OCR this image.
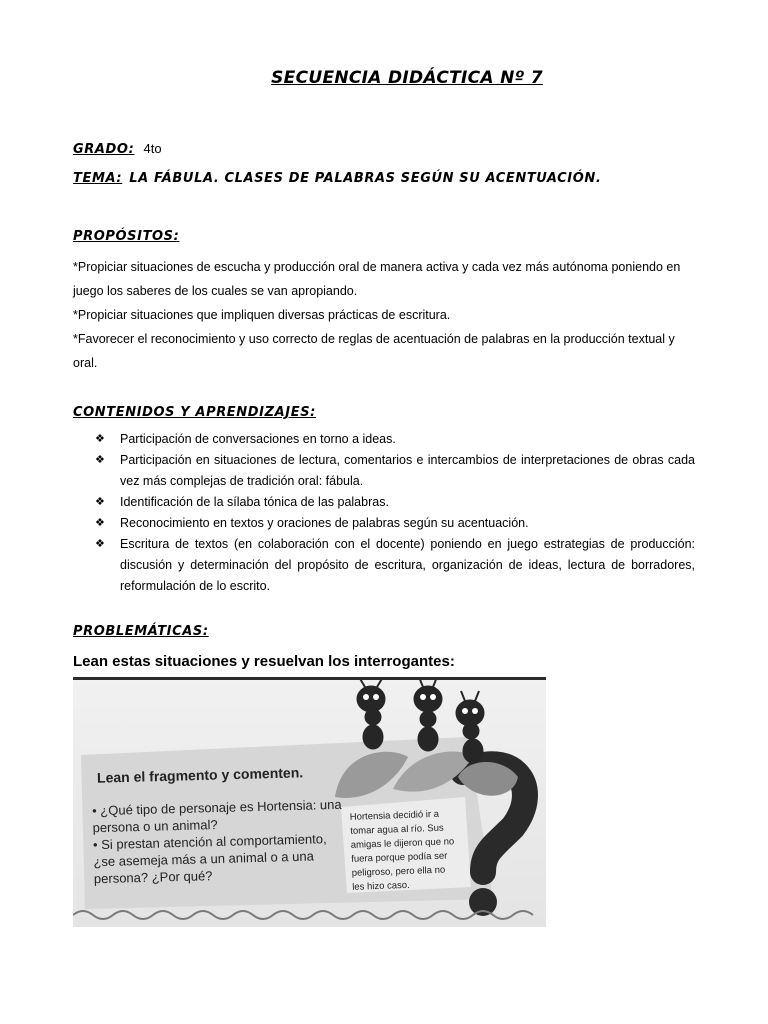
SECUENCIA DIDÁCTICA Nº 7
GRADO: 4to
TEMA: LA FÁBULA. CLASES DE PALABRAS SEGÚN SU ACENTUACIÓN.
PROPÓSITOS:

*Propiciar situaciones de escucha y producción oral de manera activa y cada vez más autónoma poniendo en juego los saberes de los cuales se van apropiando.

*Propiciar situaciones que impliquen diversas prácticas de escritura.

*Favorecer el reconocimiento y uso correcto de reglas de acentuación de palabras en la producción textual y oral.

CONTENIDOS Y APRENDIZAJES:
❖ Participación de conversaciones en torno a ideas.
❖ Participación en situaciones de lectura, comentarios e intercambios de interpretaciones de obras cada vez más complejas de tradición oral: fábula.
❖ Identificación de la sílaba tónica de las palabras.
❖ Reconocimiento en textos y oraciones de palabras según su acentuación.
❖ Escritura de textos (en colaboración con el docente) poniendo en juego estrategias de producción: discusión y determinación del propósito de escritura, organización de ideas, lectura de borradores, reformulación de lo escrito.
PROBLEMÁTICAS:
Lean estas situaciones y resuelvan los interrogantes:
Lean el fragmento y comenten.
• ¿Qué tipo de personaje es Hortensia: una persona o un animal?
• Si prestan atención al comportamiento, ¿se asemeja más a un animal o a una persona? ¿Por qué?
Hortensia decidió ir a tomar agua al río. Sus amigas le dijeron que no fuera porque podía ser peligroso, pero ella no les hizo caso.
